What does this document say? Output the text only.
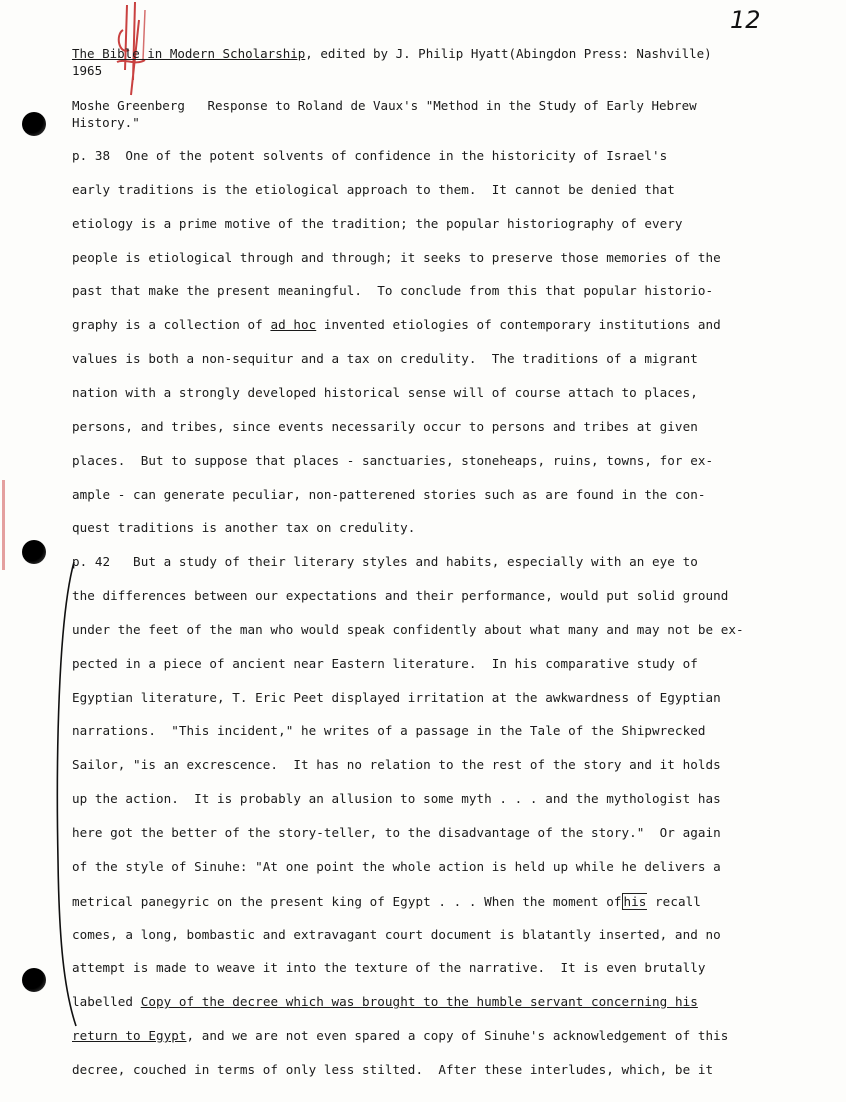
12
The Bible in Modern Scholarship, edited by J. Philip Hyatt(Abingdon Press: Nashville)
1965
Moshe Greenberg   Response to Roland de Vaux's "Method in the Study of Early Hebrew
History."
p. 38  One of the potent solvents of confidence in the historicity of Israel's
early traditions is the etiological approach to them.  It cannot be denied that
etiology is a prime motive of the tradition; the popular historiography of every
people is etiological through and through; it seeks to preserve those memories of the
past that make the present meaningful.  To conclude from this that popular historio-
graphy is a collection of ad hoc invented etiologies of contemporary institutions and
values is both a non-sequitur and a tax on credulity.  The traditions of a migrant
nation with a strongly developed historical sense will of course attach to places,
persons, and tribes, since events necessarily occur to persons and tribes at given
places.  But to suppose that places - sanctuaries, stoneheaps, ruins, towns, for ex-
ample - can generate peculiar, non-patterened stories such as are found in the con-
quest traditions is another tax on credulity.
p. 42   But a study of their literary styles and habits, especially with an eye to
the differences between our expectations and their performance, would put solid ground
under the feet of the man who would speak confidently about what many and may not be ex-
pected in a piece of ancient near Eastern literature.  In his comparative study of
Egyptian literature, T. Eric Peet displayed irritation at the awkwardness of Egyptian
narrations.  "This incident," he writes of a passage in the Tale of the Shipwrecked
Sailor, "is an excrescence.  It has no relation to the rest of the story and it holds
up the action.  It is probably an allusion to some myth . . . and the mythologist has
here got the better of the story-teller, to the disadvantage of the story."  Or again
of the style of Sinuhe: "At one point the whole action is held up while he delivers a
metrical panegyric on the present king of Egypt . . . When the moment of his recall
comes, a long, bombastic and extravagant court document is blatantly inserted, and no
attempt is made to weave it into the texture of the narrative.  It is even brutally
labelled Copy of the decree which was brought to the humble servant concerning his
return to Egypt, and we are not even spared a copy of Sinuhe's acknowledgement of this
decree, couched in terms of only less stilted.  After these interludes, which, be it
